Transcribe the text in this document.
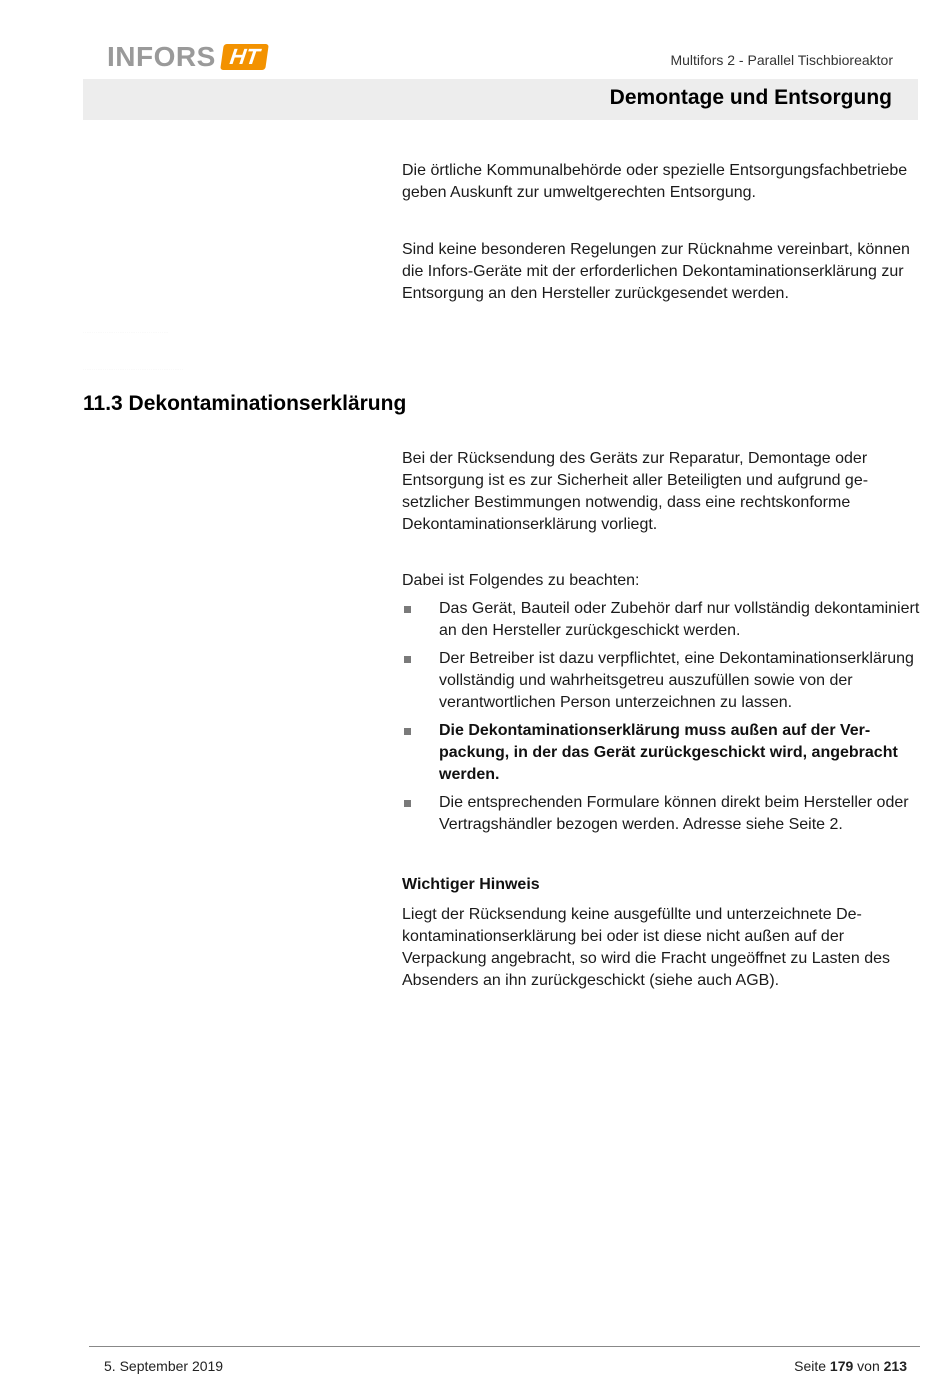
INFORS HT	Multifors 2 - Parallel Tischbioreaktor
Demontage und Entsorgung
Die örtliche Kommunalbehörde oder spezielle Entsorgungsfachbetriebe geben Auskunft zur umweltgerechten Entsorgung.
Sind keine besonderen Regelungen zur Rücknahme vereinbart, können die Infors-Geräte mit der erforderlichen Dekontaminationserklärung zur Entsorgung an den Hersteller zurückgesendet werden.
· · · · · · · · · · · · · · · · · · · · · · · · · · · · · · · · · · · · · · · · · · · · · · ·
· · · · · · · · · · · · · · · · · · · · · · · · · · · · · · · · · · · · · · · · · · · · · · · · · · · · · · ·
11.3 Dekontaminationserklärung
Bei der Rücksendung des Geräts zur Reparatur, Demontage oder Entsorgung ist es zur Sicherheit aller Beteiligten und aufgrund gesetzlicher Bestimmungen notwendig, dass eine rechtskonforme Dekontaminationserklärung vorliegt.
Dabei ist Folgendes zu beachten:
Das Gerät, Bauteil oder Zubehör darf nur vollständig dekontaminiert an den Hersteller zurückgeschickt werden.
Der Betreiber ist dazu verpflichtet, eine Dekontaminationserklärung vollständig und wahrheitsgetreu auszufüllen sowie von der verantwortlichen Person unterzeichnen zu lassen.
Die Dekontaminationserklärung muss außen auf der Verpackung, in der das Gerät zurückgeschickt wird, angebracht werden.
Die entsprechenden Formulare können direkt beim Hersteller oder Vertragshändler bezogen werden. Adresse siehe Seite 2.
Wichtiger Hinweis
Liegt der Rücksendung keine ausgefüllte und unterzeichnete Dekontaminationserklärung bei oder ist diese nicht außen auf der Verpackung angebracht, so wird die Fracht ungeöffnet zu Lasten des Absenders an ihn zurückgeschickt (siehe auch AGB).
5. September 2019	Seite 179 von 213
